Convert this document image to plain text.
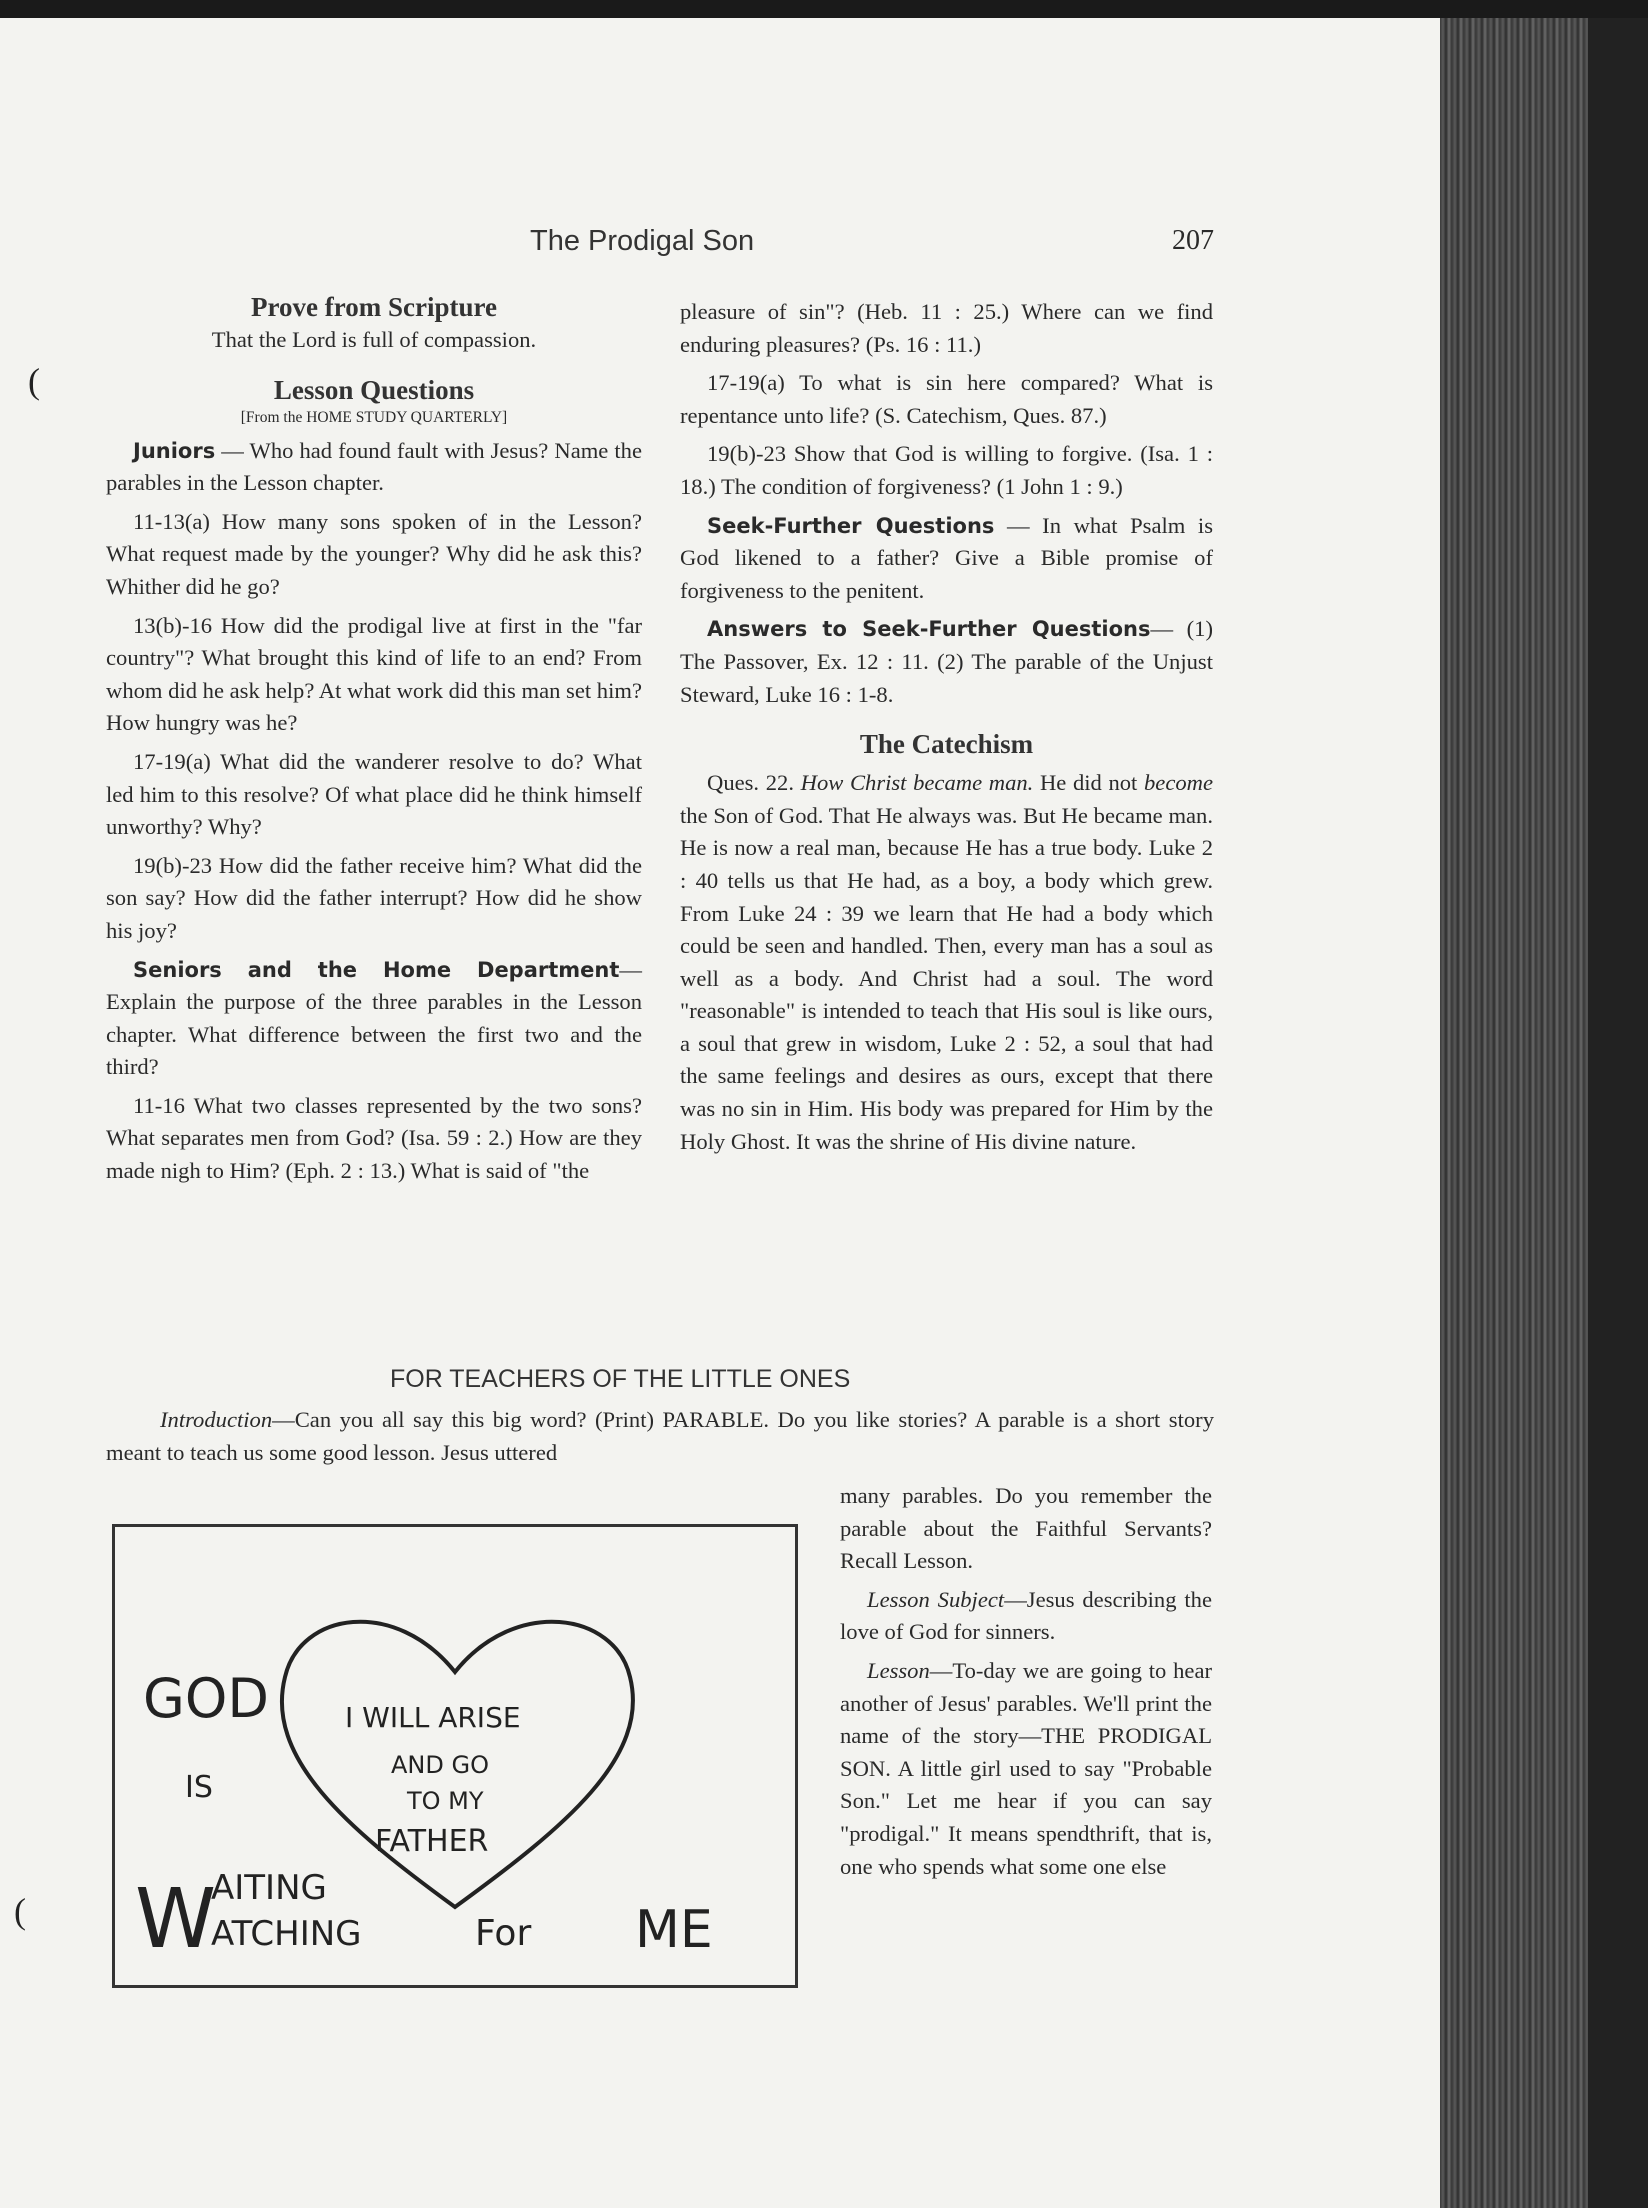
(
(
The Prodigal Son	207
Prove from Scripture

That the Lord is full of compassion.

Lesson Questions

[From the HOME STUDY QUARTERLY]

Juniors — Who had found fault with Jesus? Name the parables in the Lesson chapter.

11-13(a) How many sons spoken of in the Lesson? What request made by the younger? Why did he ask this? Whither did he go?

13(b)-16 How did the prodigal live at first in the "far country"? What brought this kind of life to an end? From whom did he ask help? At what work did this man set him? How hungry was he?

17-19(a) What did the wanderer resolve to do? What led him to this resolve? Of what place did he think himself unworthy? Why?

19(b)-23 How did the father receive him? What did the son say? How did the father interrupt? How did he show his joy?

Seniors and the Home Department— Explain the purpose of the three parables in the Lesson chapter. What difference between the first two and the third?

11-16 What two classes represented by the two sons? What separates men from God? (Isa. 59 : 2.) How are they made nigh to Him? (Eph. 2 : 13.) What is said of "the

pleasure of sin"? (Heb. 11 : 25.) Where can we find enduring pleasures? (Ps. 16 : 11.)

17-19(a) To what is sin here compared? What is repentance unto life? (S. Catechism, Ques. 87.)

19(b)-23 Show that God is willing to forgive. (Isa. 1 : 18.) The condition of forgiveness? (1 John 1 : 9.)

Seek-Further Questions — In what Psalm is God likened to a father? Give a Bible promise of forgiveness to the penitent.

Answers to Seek-Further Questions— (1) The Passover, Ex. 12 : 11. (2) The parable of the Unjust Steward, Luke 16 : 1-8.

The Catechism

Ques. 22. How Christ became man. He did not become the Son of God. That He always was. But He became man. He is now a real man, because He has a true body. Luke 2 : 40 tells us that He had, as a boy, a body which grew. From Luke 24 : 39 we learn that He had a body which could be seen and handled. Then, every man has a soul as well as a body. And Christ had a soul. The word "reasonable" is intended to teach that His soul is like ours, a soul that grew in wisdom, Luke 2 : 52, a soul that had the same feelings and desires as ours, except that there was no sin in Him. His body was prepared for Him by the Holy Ghost. It was the shrine of His divine nature.

FOR TEACHERS OF THE LITTLE ONES

Introduction—Can you all say this big word? (Print) PARABLE. Do you like stories? A parable is a short story meant to teach us some good lesson. Jesus uttered

many parables. Do you remember the parable about the Faithful Servants? Recall Lesson.

Lesson Subject—Jesus describing the love of God for sinners.

Lesson—To-day we are going to hear another of Jesus' parables. We'll print the name of the story—THE PRODIGAL SON. A little girl used to say "Probable Son." Let me hear if you can say "prodigal." It means spendthrift, that is, one who spends what some one else

GOD
IS
I WILL ARISE
AND GO
TO MY
FATHER
W
AITING
ATCHING	For ME
